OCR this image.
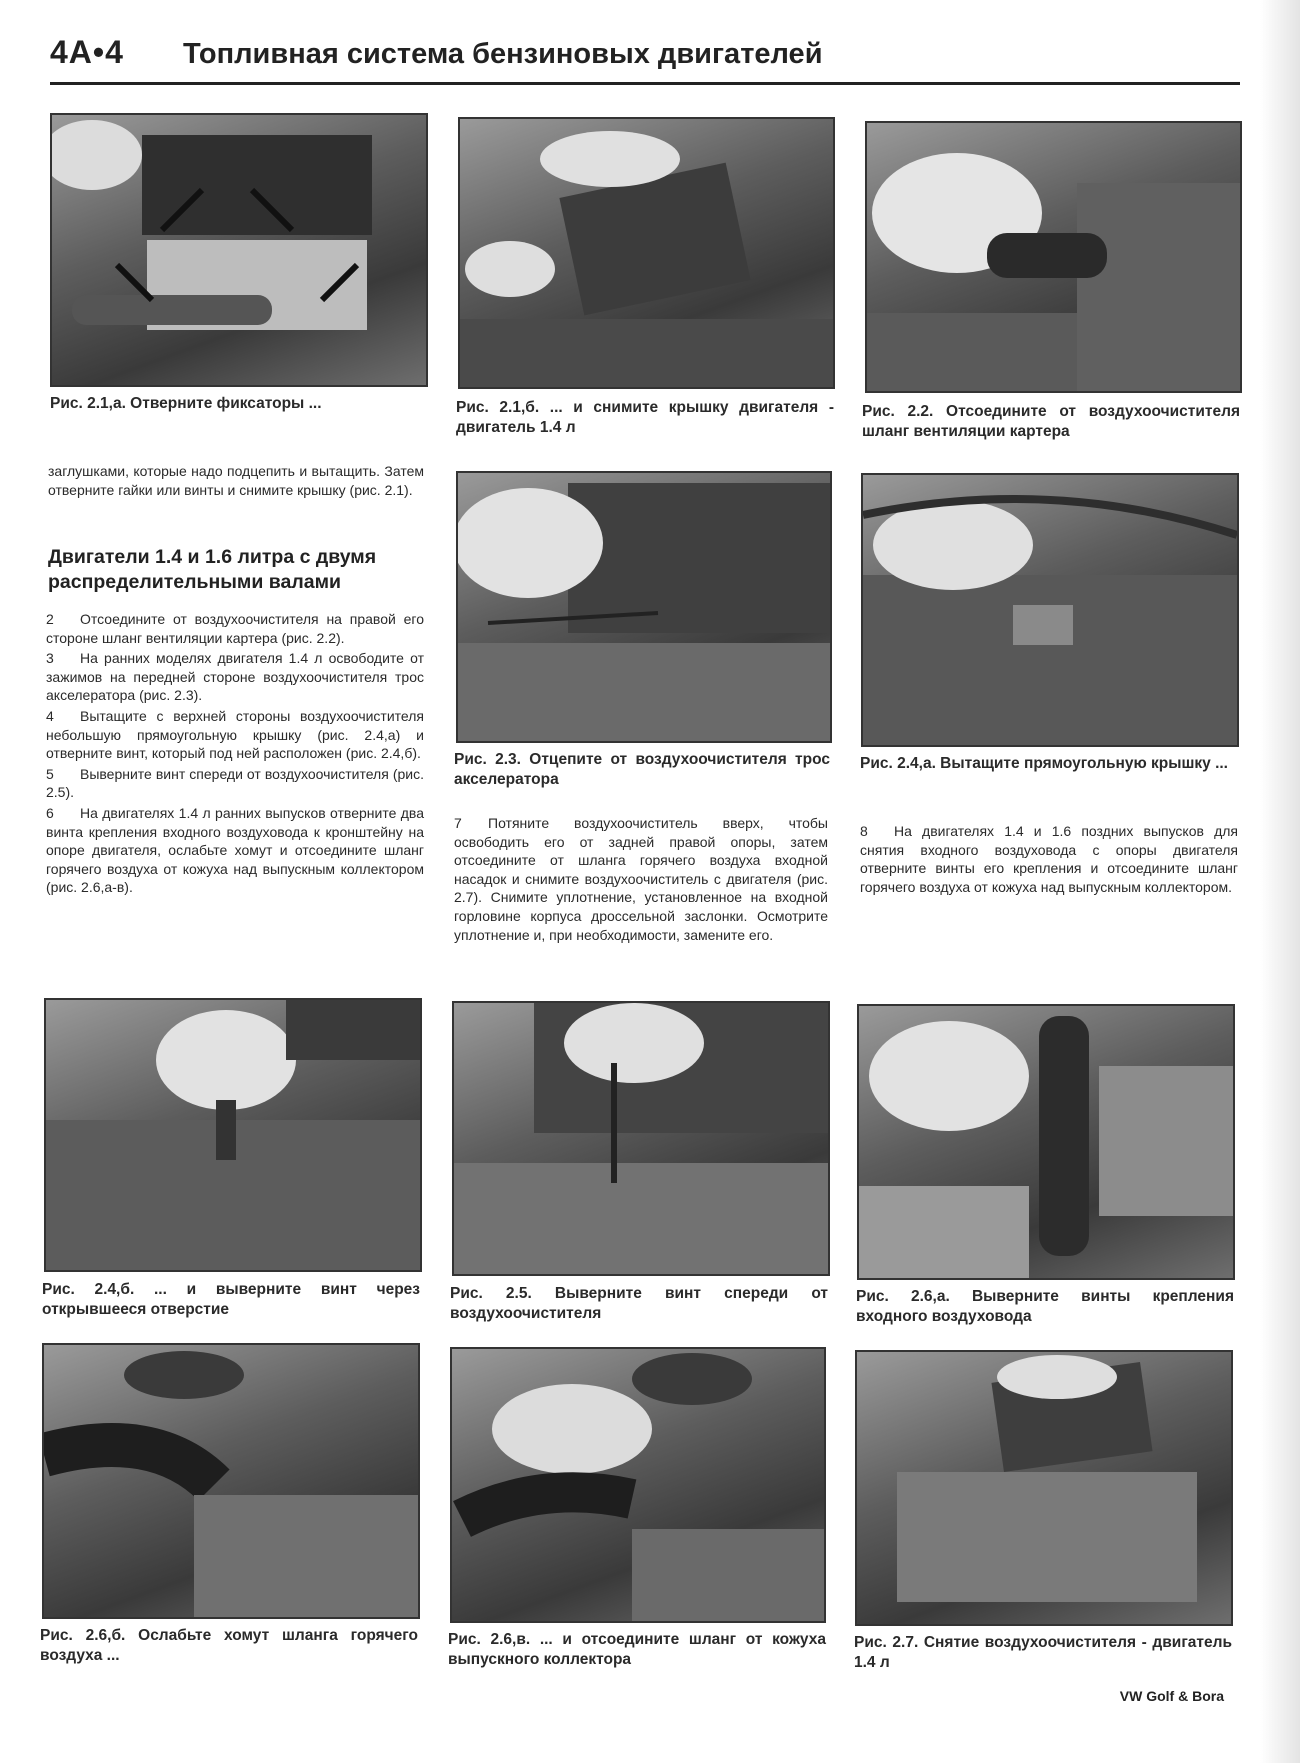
4A•4 Топливная система бензиновых двигателей
Рис. 2.1,а. Отверните фиксаторы ...	Рис. 2.1,б. ... и снимите крышку двигателя - двигатель 1.4 л
Рис. 2.2. Отсоедините от воздухоочистителя шланг вентиляции картера
заглушками, которые надо подцепить и вытащить. Затем отверните гайки или винты и снимите крышку (рис. 2.1).
Двигатели 1.4 и 1.6 литра с двумя распределительными валами

2 Отсоедините от воздухоочистителя на правой его стороне шланг вентиляции картера (рис. 2.2).

3 На ранних моделях двигателя 1.4 л освободите от зажимов на передней стороне воздухоочистителя трос акселератора (рис. 2.3).

4 Вытащите с верхней стороны воздухоочистителя небольшую прямоугольную крышку (рис. 2.4,а) и отверните винт, который под ней расположен (рис. 2.4,б).

5 Выверните винт спереди от воздухоочистителя (рис. 2.5).

6 На двигателях 1.4 л ранних выпусков отверните два винта крепления входного воздуховода к кронштейну на опоре двигателя, ослабьте хомут и отсоедините шланг горячего воздуха от кожуха над выпускным коллектором (рис. 2.6,а-в).

Рис. 2.3. Отцепите от воздухоочистителя трос акселератора
Рис. 2.4,а. Вытащите прямоугольную крышку ...

7 Потяните воздухоочиститель вверх, чтобы освободить его от задней правой опоры, затем отсоедините от шланга горячего воздуха входной насадок и снимите воздухоочиститель с двигателя (рис. 2.7). Снимите уплотнение, установленное на входной горловине корпуса дроссельной заслонки. Осмотрите уплотнение и, при необходимости, замените его.

8 На двигателях 1.4 и 1.6 поздних выпусков для снятия входного воздуховода с опоры двигателя отверните винты его крепления и отсоедините шланг горячего воздуха от кожуха над выпускным коллектором.

Рис. 2.4,б. ... и выверните винт через открывшееся отверстие
Рис. 2.5. Выверните винт спереди от воздухоочистителя
Рис. 2.6,а. Выверните винты крепления входного воздуховода
Рис. 2.6,б. Ослабьте хомут шланга горячего воздуха ...
Рис. 2.6,в. ... и отсоедините шланг от кожуха выпускного коллектора
Рис. 2.7. Снятие воздухоочистителя - двигатель 1.4 л
VW Golf & Bora
